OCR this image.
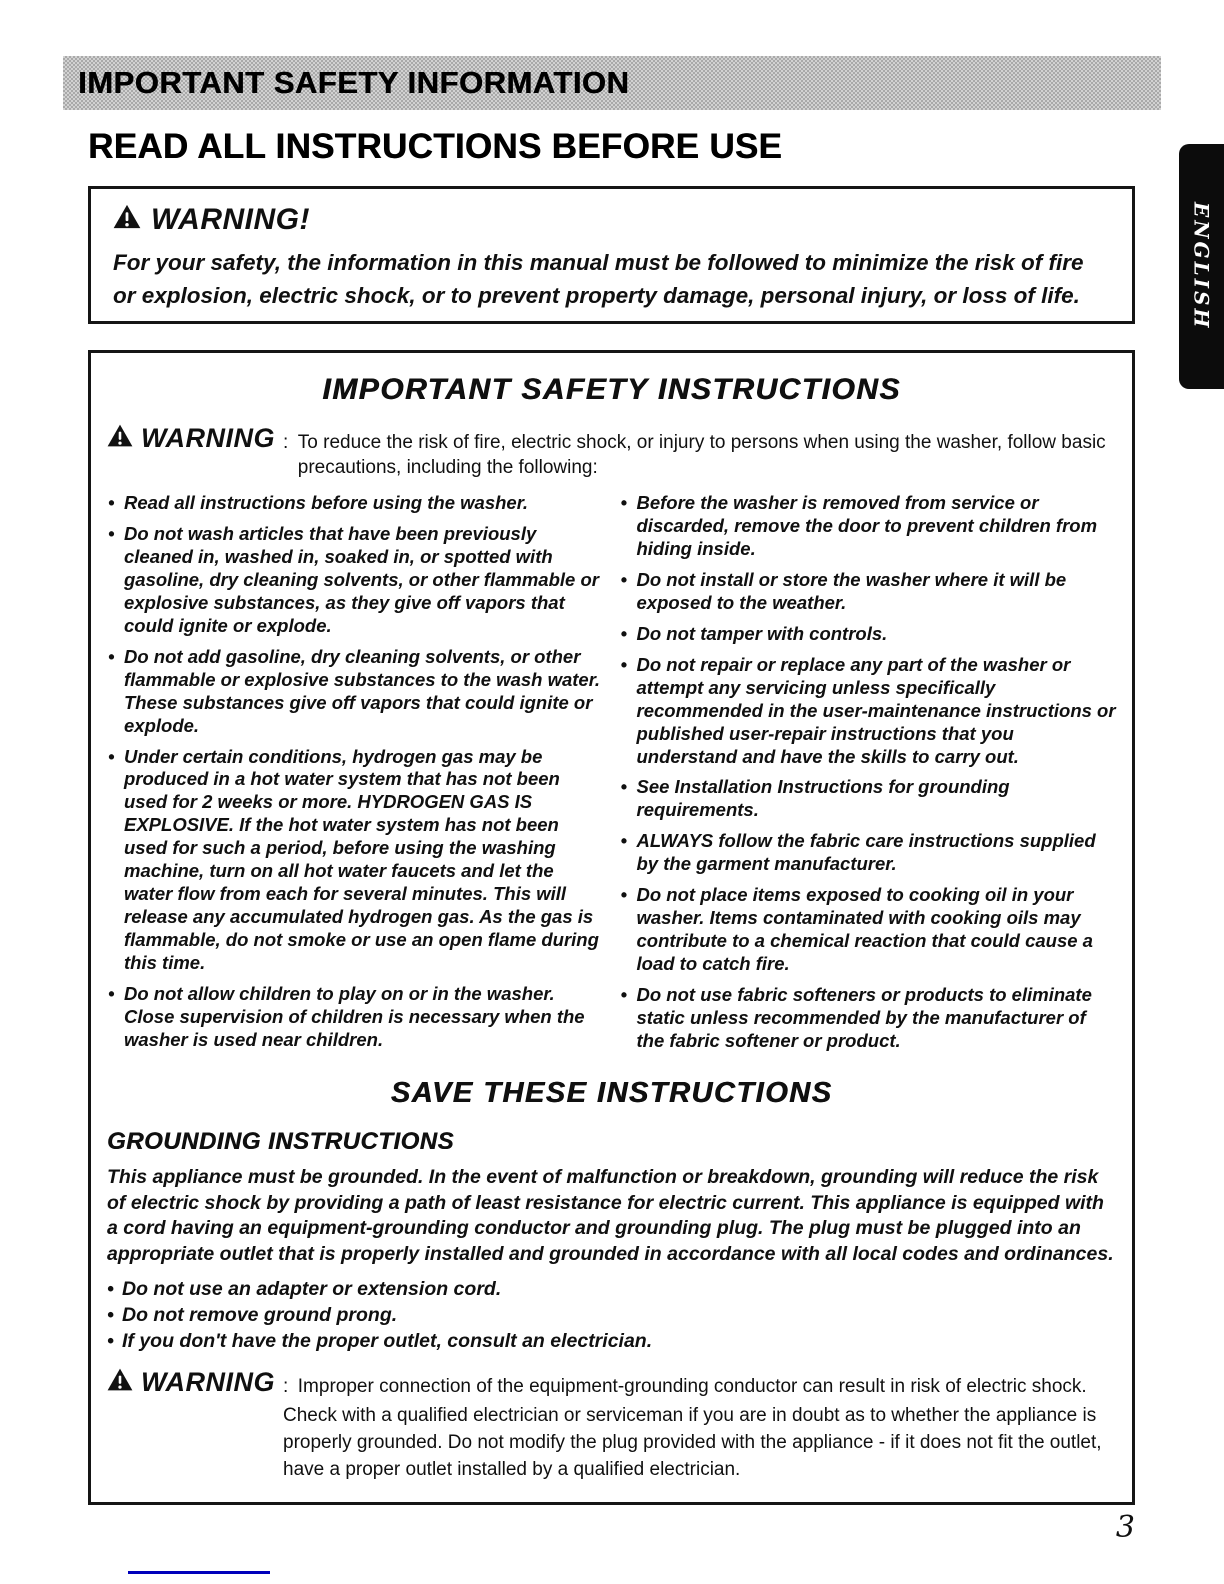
IMPORTANT SAFETY INFORMATION
ENGLISH
READ ALL INSTRUCTIONS BEFORE USE
WARNING!

For your safety, the information in this manual must be followed to minimize the risk of fire or explosion, electric shock, or to prevent property damage, personal injury, or loss of life.

IMPORTANT SAFETY INSTRUCTIONS
WARNING : To reduce the risk of fire, electric shock, or injury to persons when using the washer, follow basic precautions, including the following:
• Read all instructions before using the washer.
• Do not wash articles that have been previously cleaned in, washed in, soaked in, or spotted with gasoline, dry cleaning solvents, or other flammable or explosive substances, as they give off vapors that could ignite or explode.
• Do not add gasoline, dry cleaning solvents, or other flammable or explosive substances to the wash water. These substances give off vapors that could ignite or explode.
• Under certain conditions, hydrogen gas may be produced in a hot water system that has not been used for 2 weeks or more. HYDROGEN GAS IS EXPLOSIVE. If the hot water system has not been used for such a period, before using the washing machine, turn on all hot water faucets and let the water flow from each for several minutes. This will release any accumulated hydrogen gas. As the gas is flammable, do not smoke or use an open flame during this time.
• Do not allow children to play on or in the washer. Close supervision of children is necessary when the washer is used near children.
• Before the washer is removed from service or discarded, remove the door to prevent children from hiding inside.
• Do not install or store the washer where it will be exposed to the weather.
• Do not tamper with controls.
• Do not repair or replace any part of the washer or attempt any servicing unless specifically recommended in the user-maintenance instructions or published user-repair instructions that you understand and have the skills to carry out.
• See Installation Instructions for grounding requirements.
• ALWAYS follow the fabric care instructions supplied by the garment manufacturer.
• Do not place items exposed to cooking oil in your washer. Items contaminated with cooking oils may contribute to a chemical reaction that could cause a load to catch fire.
• Do not use fabric softeners or products to eliminate static unless recommended by the manufacturer of the fabric softener or product.
SAVE THESE INSTRUCTIONS
GROUNDING INSTRUCTIONS

This appliance must be grounded. In the event of malfunction or breakdown, grounding will reduce the risk of electric shock by providing a path of least resistance for electric current. This appliance is equipped with a cord having an equipment-grounding conductor and grounding plug. The plug must be plugged into an appropriate outlet that is properly installed and grounded in accordance with all local codes and ordinances.

• Do not use an adapter or extension cord.
• Do not remove ground prong.
• If you don't have the proper outlet, consult an electrician.
WARNING : Improper connection of the equipment-grounding conductor can result in risk of electric shock.

Check with a qualified electrician or serviceman if you are in doubt as to whether the appliance is properly grounded. Do not modify the plug provided with the appliance - if it does not fit the outlet, have a proper outlet installed by a qualified electrician.

3
